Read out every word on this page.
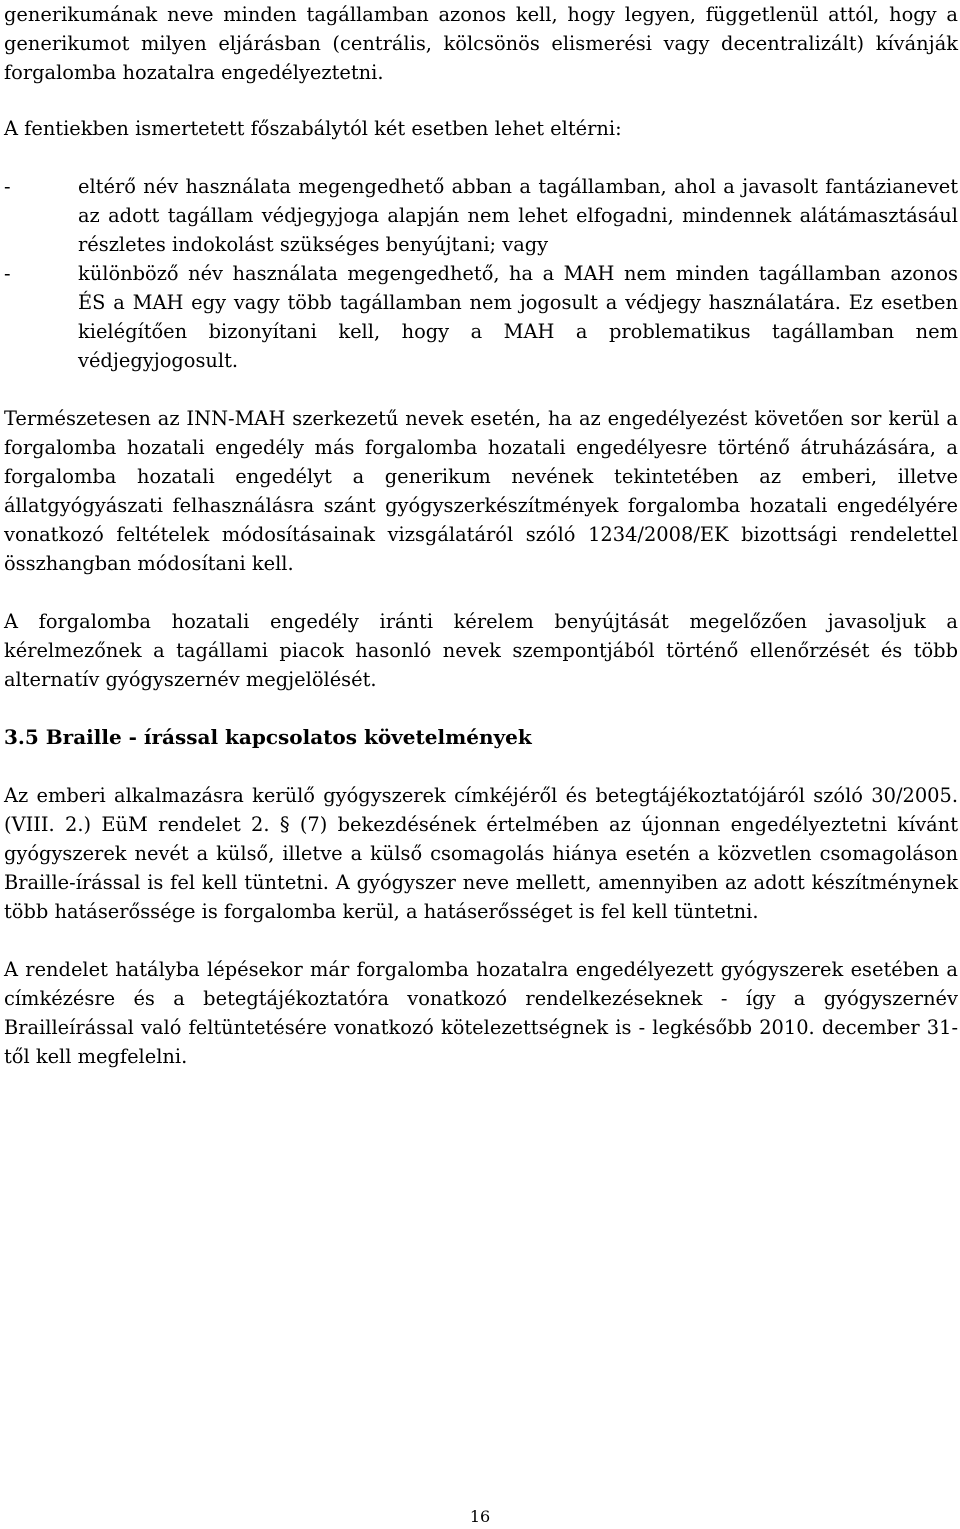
generikumának neve minden tagállamban azonos kell, hogy legyen, függetlenül attól, hogy a generikumot milyen eljárásban (centrális, kölcsönös elismerési vagy decentralizált) kívánják forgalomba hozatalra engedélyeztetni.

A fentiekben ismertetett főszabálytól két esetben lehet eltérni:

-	eltérő név használata megengedhető abban a tagállamban, ahol a javasolt fantázianevet az adott tagállam védjegyjoga alapján nem lehet elfogadni, mindennek alátámasztásául részletes indokolást szükséges benyújtani; vagy

-	különböző név használata megengedhető, ha a MAH nem minden tagállamban azonos ÉS a MAH egy vagy több tagállamban nem jogosult a védjegy használatára. Ez esetben kielégítően bizonyítani kell, hogy a MAH a problematikus tagállamban nem védjegyjogosult.

Természetesen az INN-MAH szerkezetű nevek esetén, ha az engedélyezést követően sor kerül a forgalomba hozatali engedély más forgalomba hozatali engedélyesre történő átruházására, a forgalomba hozatali engedélyt a generikum nevének tekintetében az emberi, illetve állatgyógyászati felhasználásra szánt gyógyszerkészítmények forgalomba hozatali engedélyére vonatkozó feltételek módosításainak vizsgálatáról szóló 1234/2008/EK bizottsági rendelettel összhangban módosítani kell.

A forgalomba hozatali engedély iránti kérelem benyújtását megelőzően javasoljuk a kérelmezőnek a tagállami piacok hasonló nevek szempontjából történő ellenőrzését és több alternatív gyógyszernév megjelölését.

3.5 Braille - írással kapcsolatos követelmények

Az emberi alkalmazásra kerülő gyógyszerek címkéjéről és betegtájékoztatójáról szóló 30/2005. (VIII. 2.) EüM rendelet 2. § (7) bekezdésének értelmében az újonnan engedélyeztetni kívánt gyógyszerek nevét a külső, illetve a külső csomagolás hiánya esetén a közvetlen csomagoláson Braille-írással is fel kell tüntetni. A gyógyszer neve mellett, amennyiben az adott készítménynek több hatáserőssége is forgalomba kerül, a hatáserősséget is fel kell tüntetni.

A rendelet hatályba lépésekor már forgalomba hozatalra engedélyezett gyógyszerek esetében a címkézésre és a betegtájékoztatóra vonatkozó rendelkezéseknek - így a gyógyszernév Brailleírással való feltüntetésére vonatkozó kötelezettségnek is - legkésőbb 2010. december 31-től kell megfelelni.

16
